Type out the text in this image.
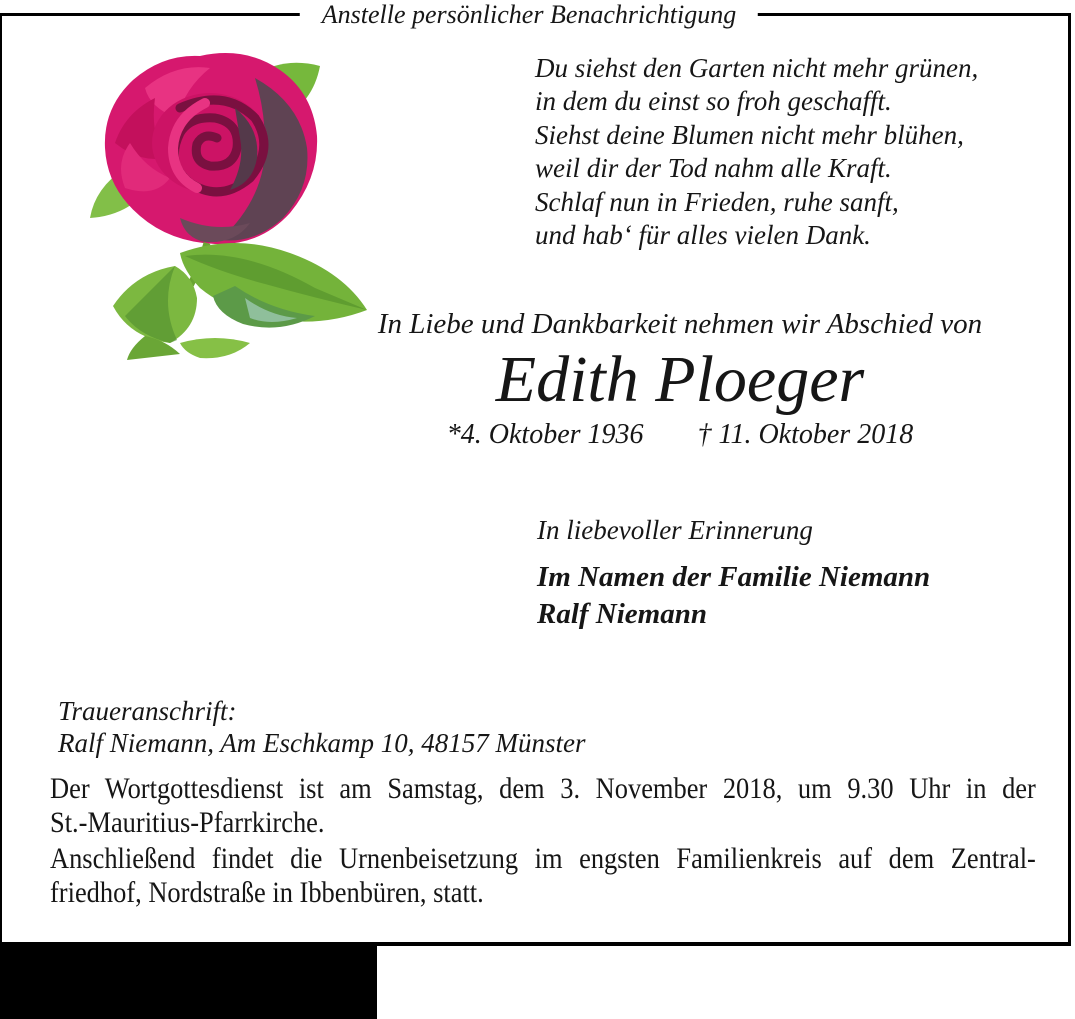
Anstelle persönlicher Benachrichtigung
Du siehst den Garten nicht mehr grünen,
in dem du einst so froh geschafft.
Siehst deine Blumen nicht mehr blühen,
weil dir der Tod nahm alle Kraft.
Schlaf nun in Frieden, ruhe sanft,
und hab‘ für alles vielen Dank.
In Liebe und Dankbarkeit nehmen wir Abschied von
Edith Ploeger
*4. Oktober 1936 † 11. Oktober 2018
In liebevoller Erinnerung
Im Namen der Familie Niemann
Ralf Niemann
Traueranschrift:
Ralf Niemann, Am Eschkamp 10, 48157 Münster
Der Wortgottesdienst ist am Samstag, dem 3. November 2018, um 9.30 Uhr in der
St.-Mauritius-Pfarrkirche.
Anschließend findet die Urnenbeisetzung im engsten Familienkreis auf dem Zentral-
friedhof, Nordstraße in Ibbenbüren, statt.
